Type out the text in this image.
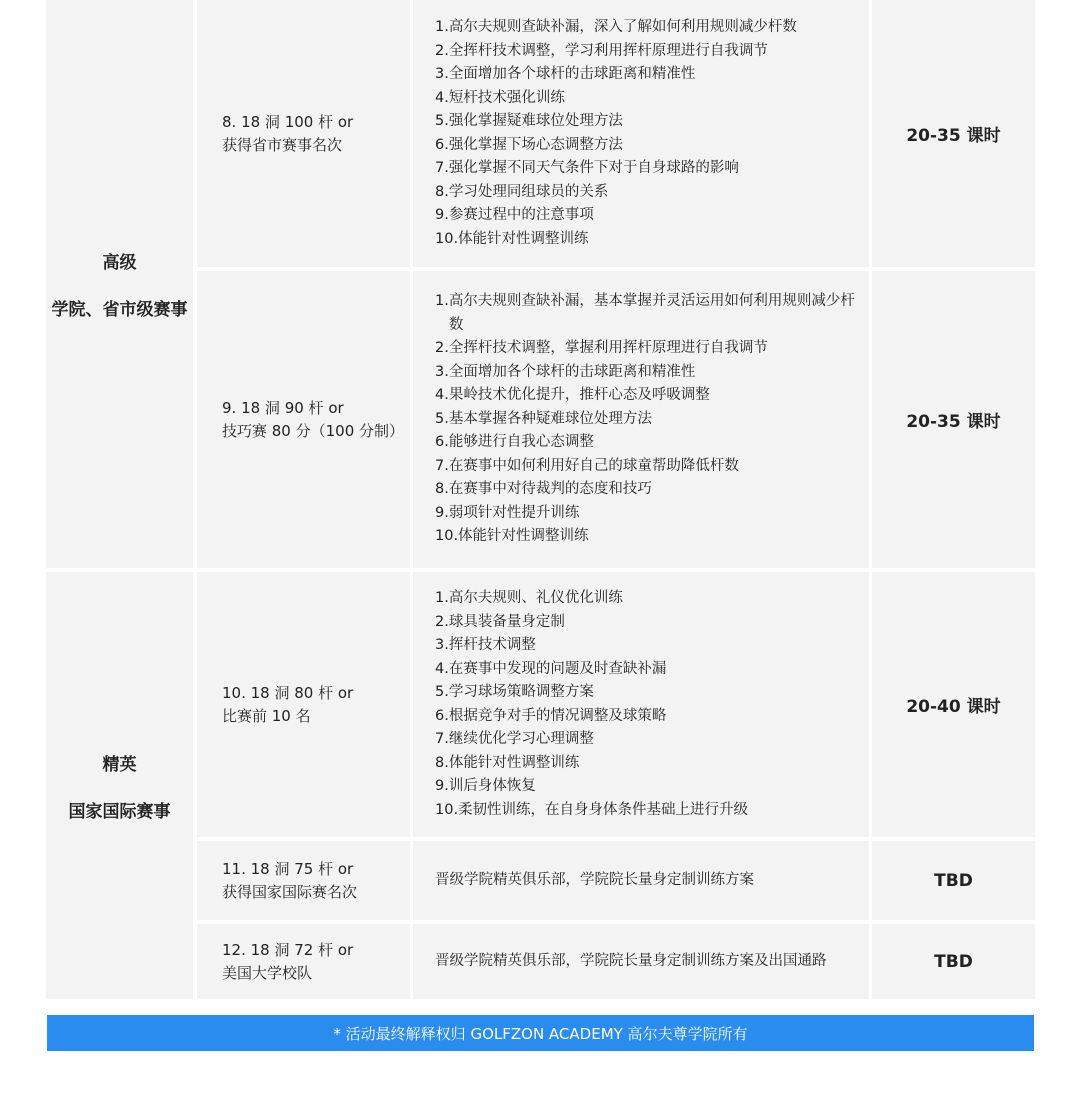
高级
学院、省市级赛事
8. 18 洞 100 杆 or
获得省市赛事名次
1. 高尔夫规则查缺补漏，深入了解如何利用规则减少杆数
2. 全挥杆技术调整，学习利用挥杆原理进行自我调节
3. 全面增加各个球杆的击球距离和精准性
4. 短杆技术强化训练
5. 强化掌握疑难球位处理方法
6. 强化掌握下场心态调整方法
7. 强化掌握不同天气条件下对于自身球路的影响
8. 学习处理同组球员的关系
9. 参赛过程中的注意事项
10. 体能针对性调整训练
20-35 课时
9. 18 洞 90 杆 or
技巧赛 80 分（100 分制）
1. 高尔夫规则查缺补漏，基本掌握并灵活运用如何利用规则减少杆数
2. 全挥杆技术调整，掌握利用挥杆原理进行自我调节
3. 全面增加各个球杆的击球距离和精准性
4. 果岭技术优化提升，推杆心态及呼吸调整
5. 基本掌握各种疑难球位处理方法
6. 能够进行自我心态调整
7. 在赛事中如何利用好自己的球童帮助降低杆数
8. 在赛事中对待裁判的态度和技巧
9. 弱项针对性提升训练
10. 体能针对性调整训练
20-35 课时
精英
国家国际赛事
10. 18 洞 80 杆 or
比赛前 10 名
1. 高尔夫规则、礼仪优化训练
2. 球具装备量身定制
3. 挥杆技术调整
4. 在赛事中发现的问题及时查缺补漏
5. 学习球场策略调整方案
6. 根据竞争对手的情况调整及球策略
7. 继续优化学习心理调整
8. 体能针对性调整训练
9. 训后身体恢复
10. 柔韧性训练，在自身身体条件基础上进行升级
20-40 课时
11. 18 洞 75 杆 or
获得国家国际赛名次
晋级学院精英俱乐部，学院院长量身定制训练方案	TBD
12. 18 洞 72 杆 or
美国大学校队
晋级学院精英俱乐部，学院院长量身定制训练方案及出国通路	TBD
* 活动最终解释权归 GOLFZON ACADEMY 高尔夫尊学院所有
